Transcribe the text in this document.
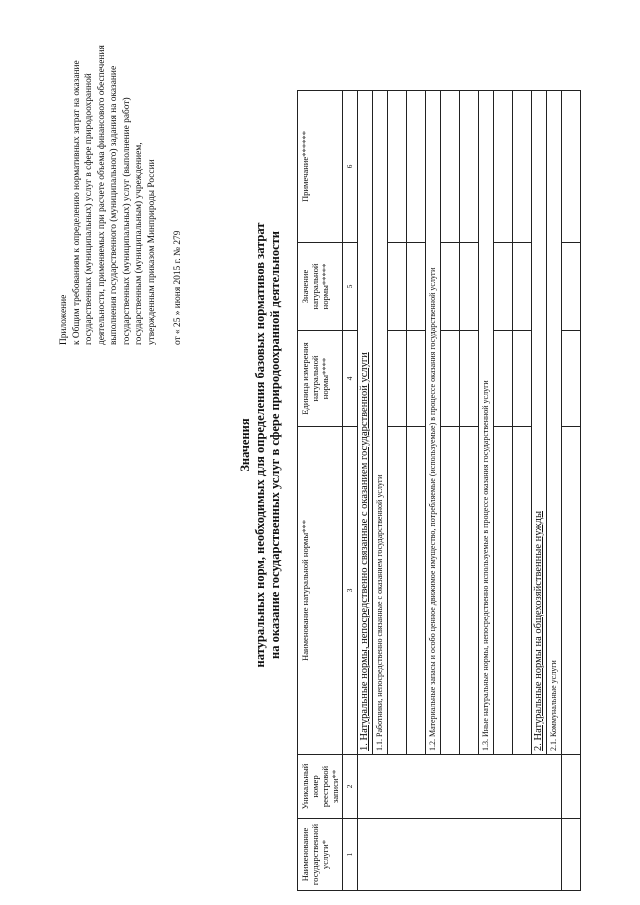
Приложение к Общим требованиям к определению нормативных затрат на оказание государственных (муниципальных) услуг в сфере природоохранной деятельности, применяемых при расчете объема финансового обеспечения выполнения государственного (муниципального) задания на оказание государственных (муниципальных) услуг (выполнение работ) государственным (муниципальным) учреждением, утвержденным приказом Минприроды России от « 25 » июня 2015 г. № 279
Значения натуральных норм, необходимых для определения базовых нормативов затрат на оказание государственных услуг в сфере природоохранной деятельности
Наименование государственной услуги*	Уникальный номер реестровой записи**	Наименование натуральной нормы***	Единица измерения натуральной нормы****	Значение натуральной нормы*****	Примечание******
1	2	3	4	5	6
		1. Натуральные нормы, непосредственно связанные с оказанием государственной услуги			
		1.1. Работники, непосредственно связанные с оказанием государственной услуги			

		1.2. Материальные запасы и особо ценное движимое имущество, потребляемые (используемые) в процессе оказания государственной услуги			

		1.3. Иные натуральные нормы, непосредственно используемые в процессе оказания государственной услуги			

		2. Натуральные нормы на общехозяйственные нужды			
		2.1. Коммунальные услуги			
